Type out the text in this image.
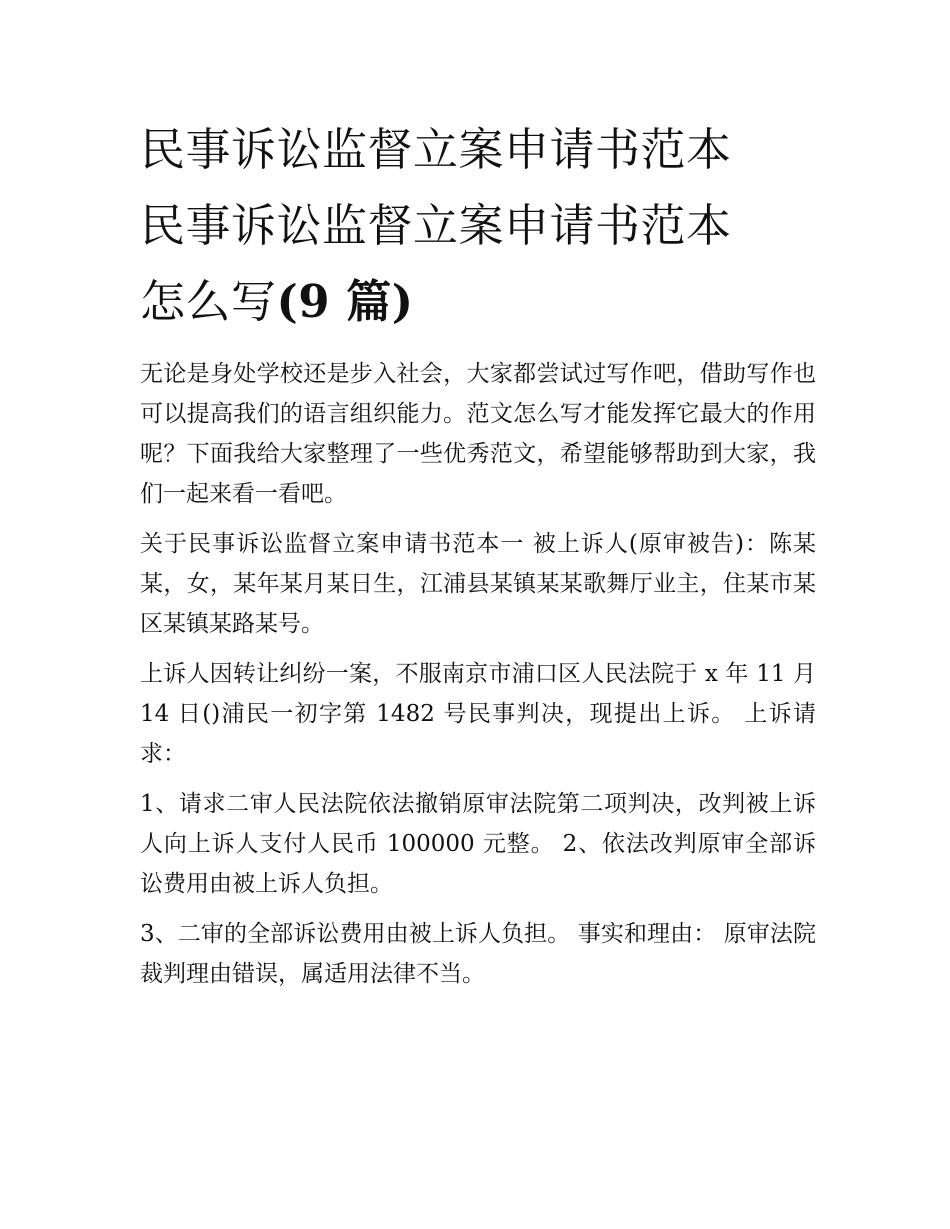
民事诉讼监督立案申请书范本
民事诉讼监督立案申请书范本
怎么写(9 篇)

无论是身处学校还是步入社会，大家都尝试过写作吧，借助写作也可以提高我们的语言组织能力。范文怎么写才能发挥它最大的作用呢？下面我给大家整理了一些优秀范文，希望能够帮助到大家，我们一起来看一看吧。

关于民事诉讼监督立案申请书范本一 被上诉人(原审被告)：陈某某，女，某年某月某日生，江浦县某镇某某歌舞厅业主，住某市某区某镇某路某号。

上诉人因转让纠纷一案，不服南京市浦口区人民法院于 x 年 11 月 14 日()浦民一初字第 1482 号民事判决，现提出上诉。 上诉请求：

1、请求二审人民法院依法撤销原审法院第二项判决，改判被上诉人向上诉人支付人民币 100000 元整。 2、依法改判原审全部诉讼费用由被上诉人负担。

3、二审的全部诉讼费用由被上诉人负担。 事实和理由： 原审法院裁判理由错误，属适用法律不当。
